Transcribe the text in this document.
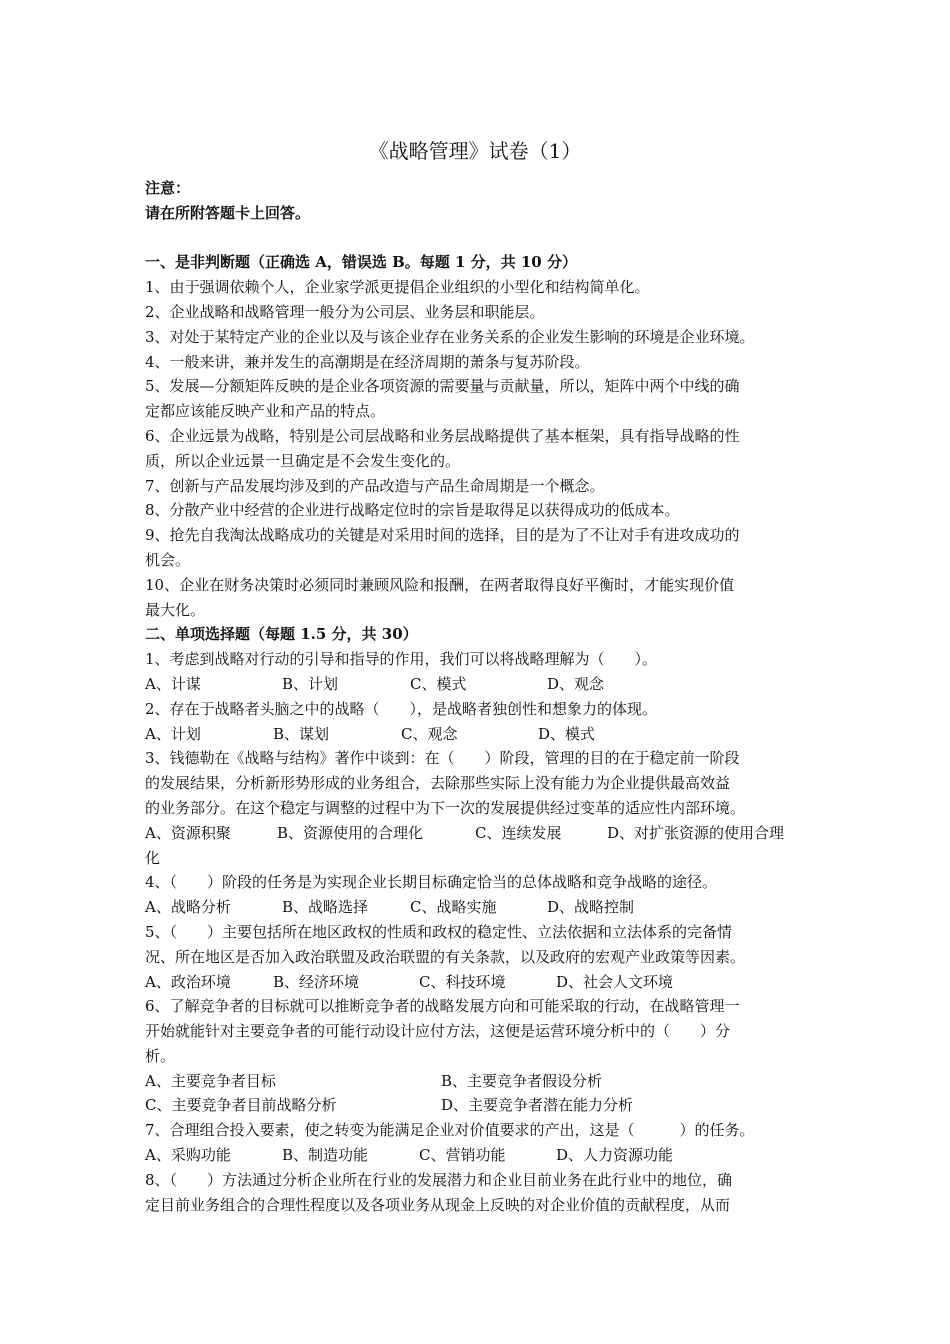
《战略管理》试卷（1）
注意：
请在所附答题卡上回答。
一、是非判断题（正确选 A，错误选 B。每题 1 分，共 10 分）
1、由于强调依赖个人，企业家学派更提倡企业组织的小型化和结构简单化。
2、企业战略和战略管理一般分为公司层、业务层和职能层。
3、对处于某特定产业的企业以及与该企业存在业务关系的企业发生影响的环境是企业环境。
4、一般来讲，兼并发生的高潮期是在经济周期的萧条与复苏阶段。
5、发展—分额矩阵反映的是企业各项资源的需要量与贡献量，所以，矩阵中两个中线的确
定都应该能反映产业和产品的特点。
6、企业远景为战略，特别是公司层战略和业务层战略提供了基本框架，具有指导战略的性
质，所以企业远景一旦确定是不会发生变化的。
7、创新与产品发展均涉及到的产品改造与产品生命周期是一个概念。
8、分散产业中经营的企业进行战略定位时的宗旨是取得足以获得成功的低成本。
9、抢先自我淘汰战略成功的关键是对采用时间的选择，目的是为了不让对手有进攻成功的
机会。
10、企业在财务决策时必须同时兼顾风险和报酬，在两者取得良好平衡时，才能实现价值
最大化。
二、单项选择题（每题 1.5 分，共 30）
1、考虑到战略对行动的引导和指导的作用，我们可以将战略理解为（　　）。
A、计谋	B、计划	C、模式	D、观念
2、存在于战略者头脑之中的战略（　　），是战略者独创性和想象力的体现。
A、计划	B、谋划	C、观念	D、模式
3、钱德勒在《战略与结构》著作中谈到：在（　　）阶段，管理的目的在于稳定前一阶段
的发展结果，分析新形势形成的业务组合，去除那些实际上没有能力为企业提供最高效益
的业务部分。在这个稳定与调整的过程中为下一次的发展提供经过变革的适应性内部环境。
A、资源积聚	B、资源使用的合理化	C、连续发展	D、对扩张资源的使用合理
化
4、（　　）阶段的任务是为实现企业长期目标确定恰当的总体战略和竞争战略的途径。
A、战略分析	B、战略选择	C、战略实施	D、战略控制
5、（　　）主要包括所在地区政权的性质和政权的稳定性、立法依据和立法体系的完备情
况、所在地区是否加入政治联盟及政治联盟的有关条款，以及政府的宏观产业政策等因素。
A、政治环境	B、经济环境	C、科技环境	D、社会人文环境
6、了解竞争者的目标就可以推断竞争者的战略发展方向和可能采取的行动，在战略管理一
开始就能针对主要竞争者的可能行动设计应付方法，这便是运营环境分析中的（　　）分
析。
A、主要竞争者目标	B、主要竞争者假设分析
C、主要竞争者目前战略分析	D、主要竞争者潜在能力分析
7、合理组合投入要素，使之转变为能满足企业对价值要求的产出，这是（　　　）的任务。
A、采购功能	B、制造功能	C、营销功能	D、人力资源功能
8、（　　）方法通过分析企业所在行业的发展潜力和企业目前业务在此行业中的地位，确
定目前业务组合的合理性程度以及各项业务从现金上反映的对企业价值的贡献程度，从而
